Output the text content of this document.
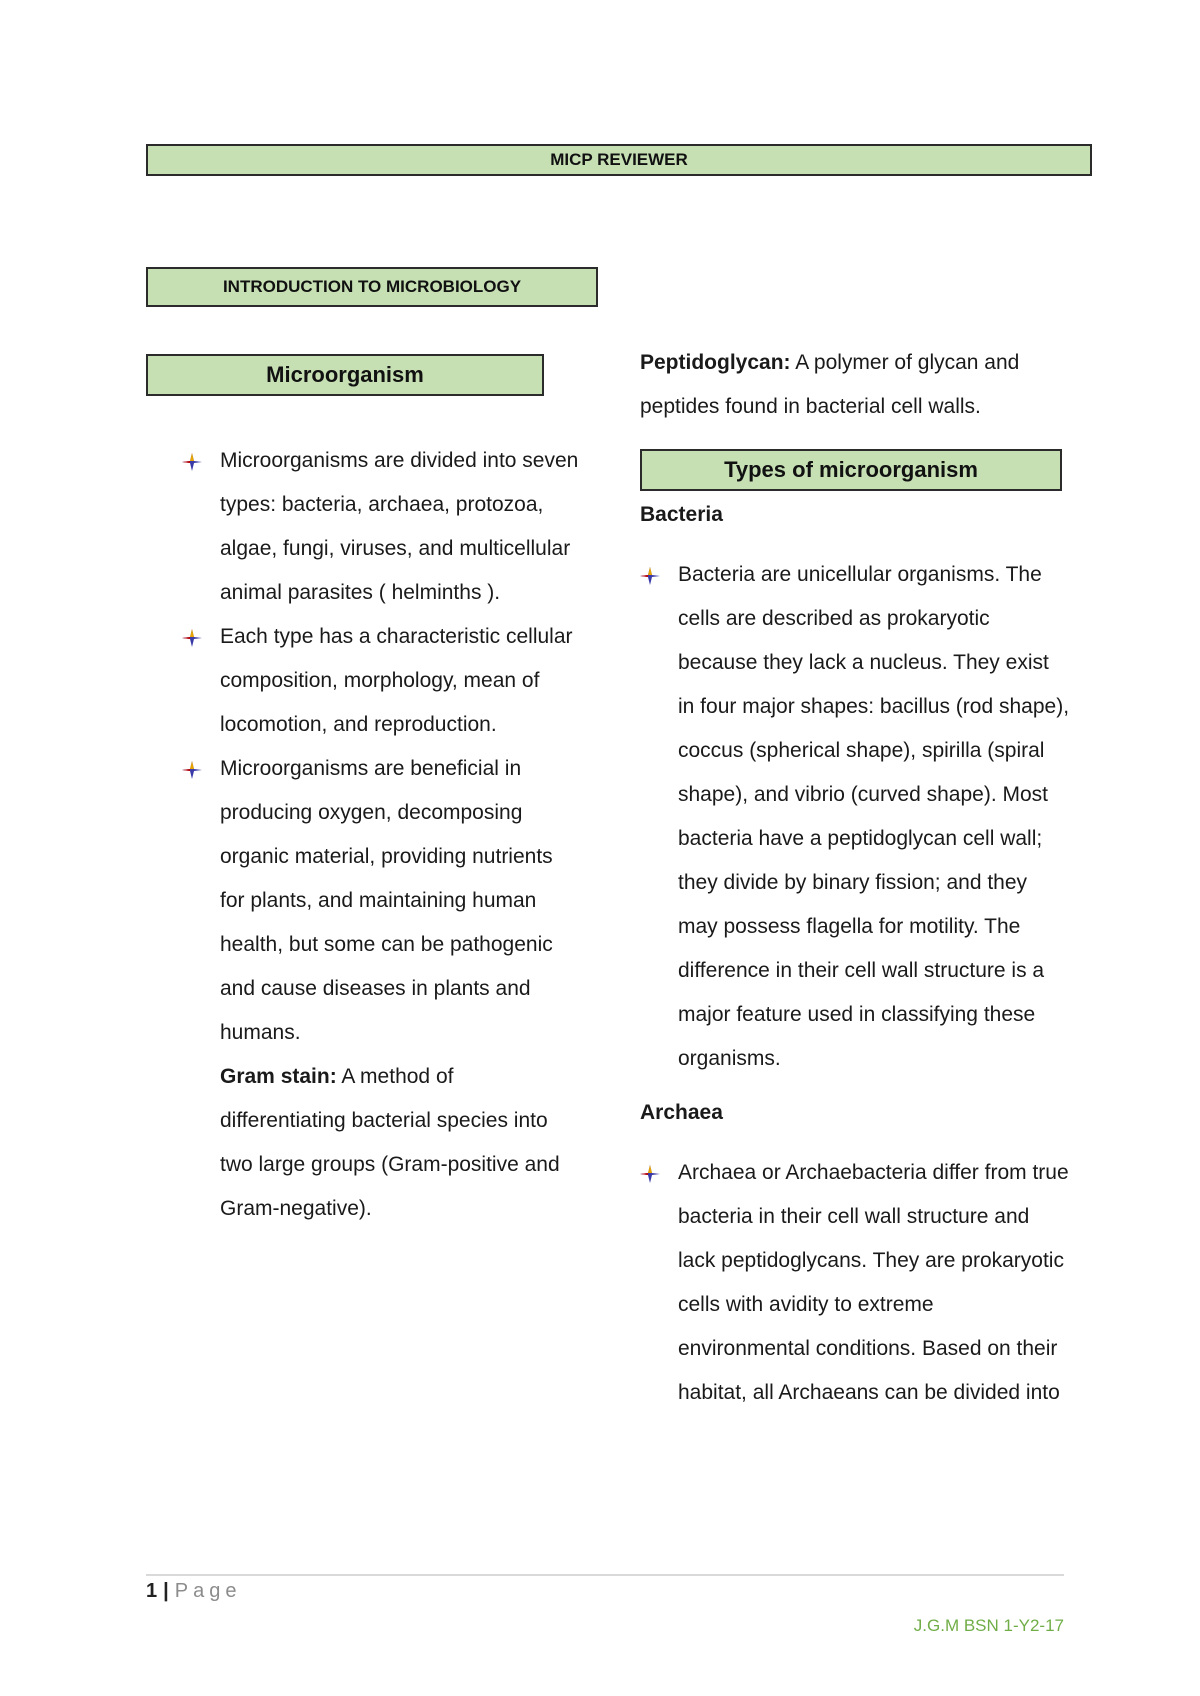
MICP REVIEWER
INTRODUCTION TO MICROBIOLOGY
Microorganism
Microorganisms are divided into seven types: bacteria, archaea, protozoa, algae, fungi, viruses, and multicellular animal parasites ( helminths ).
Each type has a characteristic cellular composition, morphology, mean of locomotion, and reproduction.
Microorganisms are beneficial in producing oxygen, decomposing organic material, providing nutrients for plants, and maintaining human health, but some can be pathogenic and cause diseases in plants and humans.

Gram stain: A method of differentiating bacterial species into two large groups (Gram-positive and Gram-negative).

Peptidoglycan: A polymer of glycan and peptides found in bacterial cell walls.

Bacteria
Bacteria are unicellular organisms. The cells are described as prokaryotic because they lack a nucleus. They exist in four major shapes: bacillus (rod shape), coccus (spherical shape), spirilla (spiral shape), and vibrio (curved shape). Most bacteria have a peptidoglycan cell wall; they divide by binary fission; and they may possess flagella for motility. The difference in their cell wall structure is a major feature used in classifying these organisms.
Archaea
Archaea or Archaebacteria differ from true bacteria in their cell wall structure and lack peptidoglycans. They are prokaryotic cells with avidity to extreme environmental conditions. Based on their habitat, all Archaeans can be divided into
Types of microorganism
1 | Page
J.G.M BSN 1-Y2-17
